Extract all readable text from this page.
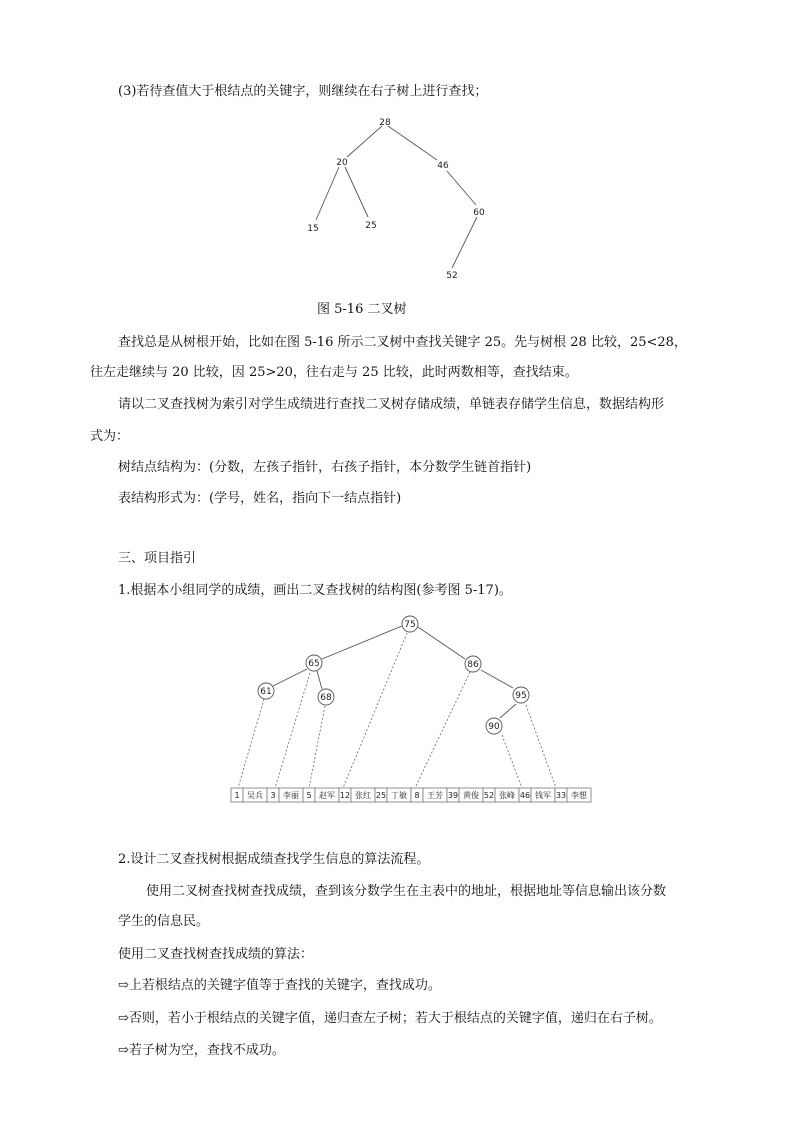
(3)若待查值大于根结点的关键字，则继续在右子树上进行查找；
28
20	46
15	25
60
52
图 5-16 二叉树
查找总是从树根开始，比如在图 5-16 所示二叉树中查找关键字 25。先与树根 28 比较，25<28，
往左走继续与 20 比较，因 25>20，往右走与 25 比较，此时两数相等，查找结束。
请以二叉查找树为索引对学生成绩进行查找二叉树存储成绩，单链表存储学生信息，数据结构形
式为：
树结点结构为：(分数，左孩子指针，右孩子指针，本分数学生链首指针)
表结构形式为：(学号，姓名，指向下一结点指针)
三、项目指引
1.根据本小组同学的成绩，画出二叉查找树的结构图(参考图 5-17)。
75
65	86
61
68	95
90
1 吴兵 3 李丽 5 赵军 12 张红 25 丁敏 8 王芳 39 黄俊 52 张峰 46 钱军 33 李想
2.设计二叉查找树根据成绩查找学生信息的算法流程。
使用二叉树查找树查找成绩，查到该分数学生在主表中的地址，根据地址等信息输出该分数
学生的信息民。
使用二叉查找树查找成绩的算法：
⇨上若根结点的关键字值等于查找的关键字，查找成功。
⇨否则，若小于根结点的关键字值，递归查左子树；若大于根结点的关键字值，递归在右子树。
⇨若子树为空，查找不成功。
